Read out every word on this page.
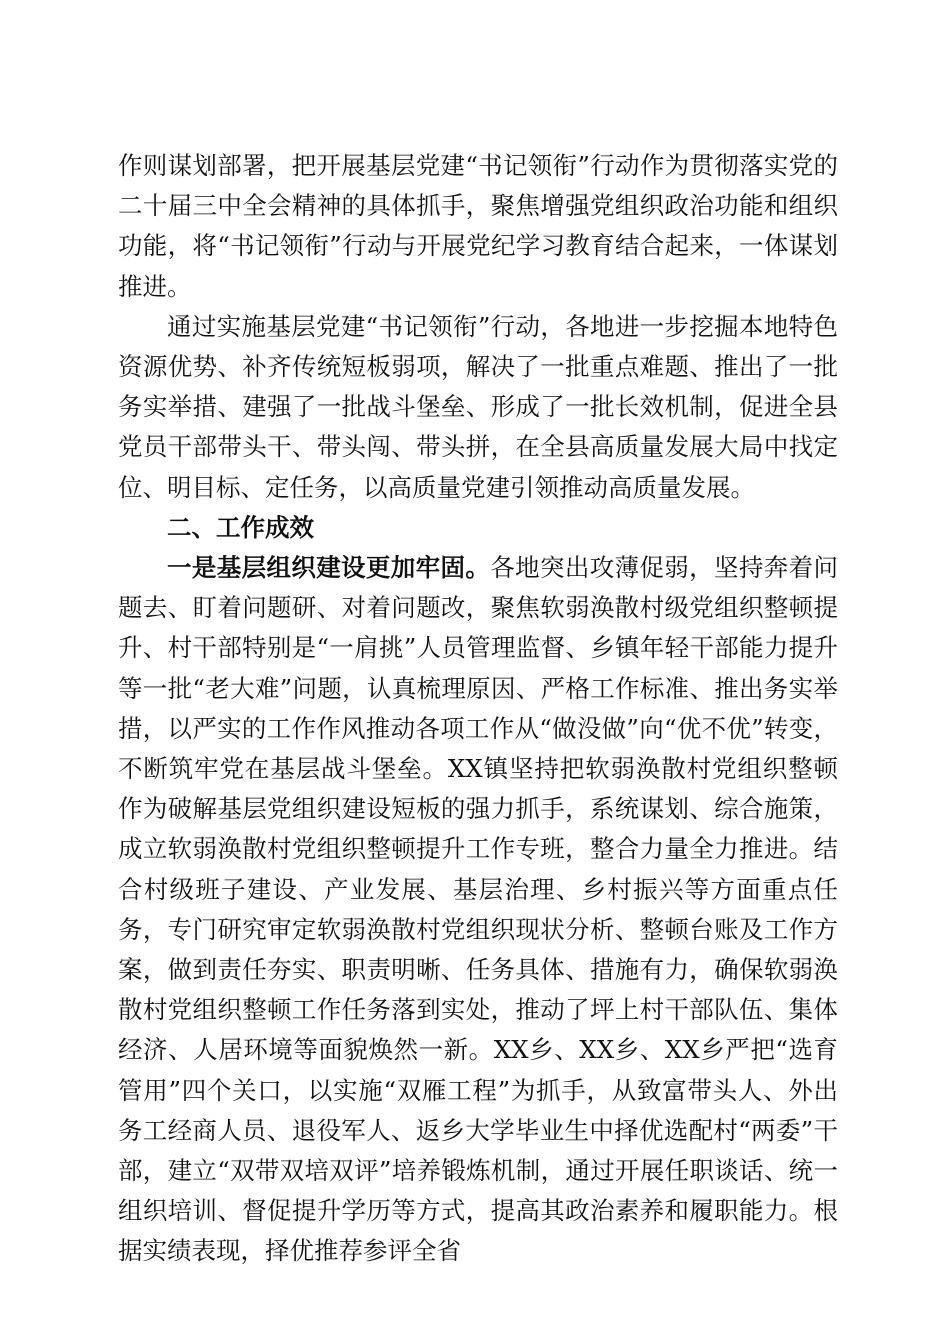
作则谋划部署，把开展基层党建“书记领衔”行动作为贯彻落实党的二十届三中全会精神的具体抓手，聚焦增强党组织政治功能和组织功能，将“书记领衔”行动与开展党纪学习教育结合起来，一体谋划推进。

通过实施基层党建“书记领衔”行动，各地进一步挖掘本地特色资源优势、补齐传统短板弱项，解决了一批重点难题、推出了一批务实举措、建强了一批战斗堡垒、形成了一批长效机制，促进全县党员干部带头干、带头闯、带头拼，在全县高质量发展大局中找定位、明目标、定任务，以高质量党建引领推动高质量发展。

二、工作成效

一是基层组织建设更加牢固。各地突出攻薄促弱，坚持奔着问题去、盯着问题研、对着问题改，聚焦软弱涣散村级党组织整顿提升、村干部特别是“一肩挑”人员管理监督、乡镇年轻干部能力提升等一批“老大难”问题，认真梳理原因、严格工作标准、推出务实举措，以严实的工作作风推动各项工作从“做没做”向“优不优”转变，不断筑牢党在基层战斗堡垒。XX镇坚持把软弱涣散村党组织整顿作为破解基层党组织建设短板的强力抓手，系统谋划、综合施策，成立软弱涣散村党组织整顿提升工作专班，整合力量全力推进。结合村级班子建设、产业发展、基层治理、乡村振兴等方面重点任务，专门研究审定软弱涣散村党组织现状分析、整顿台账及工作方案，做到责任夯实、职责明晰、任务具体、措施有力，确保软弱涣散村党组织整顿工作任务落到实处，推动了坪上村干部队伍、集体经济、人居环境等面貌焕然一新。XX乡、XX乡、XX乡严把“选育管用”四个关口，以实施“双雁工程”为抓手，从致富带头人、外出务工经商人员、退役军人、返乡大学毕业生中择优选配村“两委”干部，建立“双带双培双评”培养锻炼机制，通过开展任职谈话、统一组织培训、督促提升学历等方式，提高其政治素养和履职能力。根据实绩表现，择优推荐参评全省
